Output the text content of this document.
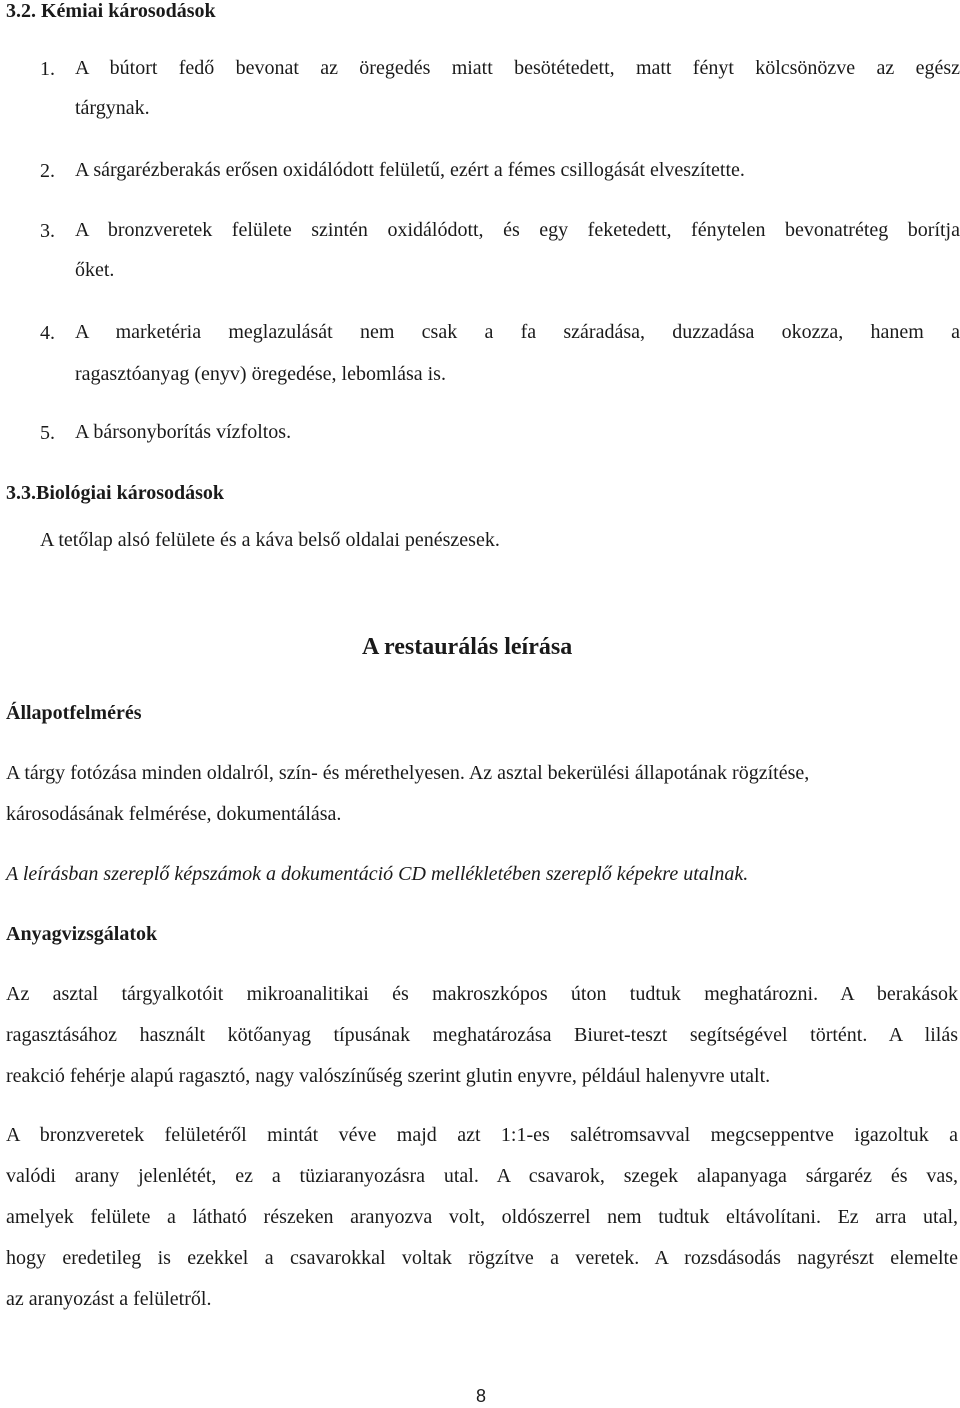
3.2. Kémiai károsodások
1. A bútort fedő bevonat az öregedés miatt besötétedett, matt fényt kölcsönözve az egész
tárgynak.
2. A sárgarézberakás erősen oxidálódott felületű, ezért a fémes csillogását elveszítette.
3. A bronzveretek felülete szintén oxidálódott, és egy feketedett, fénytelen bevonatréteg borítja
őket.
4. A marketéria meglazulását nem csak a fa száradása, duzzadása okozza, hanem a
ragasztóanyag (enyv) öregedése, lebomlása is.
5. A bársonyborítás vízfoltos.
3.3.Biológiai károsodások
A tetőlap alsó felülete és a káva belső oldalai penészesek.
A restaurálás leírása
Állapotfelmérés
A tárgy fotózása minden oldalról, szín- és mérethelyesen. Az asztal bekerülési állapotának rögzítése,
károsodásának felmérése, dokumentálása.
A leírásban szereplő képszámok a dokumentáció CD mellékletében szereplő képekre utalnak.
Anyagvizsgálatok
Az asztal tárgyalkotóit mikroanalitikai és makroszkópos úton tudtuk meghatározni. A berakások
ragasztásához használt kötőanyag típusának meghatározása Biuret-teszt segítségével történt. A lilás
reakció fehérje alapú ragasztó, nagy valószínűség szerint glutin enyvre, például halenyvre utalt.
A bronzveretek felületéről mintát véve majd azt 1:1-es salétromsavval megcseppentve igazoltuk a
valódi arany jelenlétét, ez a tüziaranyozásra utal. A csavarok, szegek alapanyaga sárgaréz és vas,
amelyek felülete a látható részeken aranyozva volt, oldószerrel nem tudtuk eltávolítani. Ez arra utal,
hogy eredetileg is ezekkel a csavarokkal voltak rögzítve a veretek. A rozsdásodás nagyrészt elemelte
az aranyozást a felületről.
8
